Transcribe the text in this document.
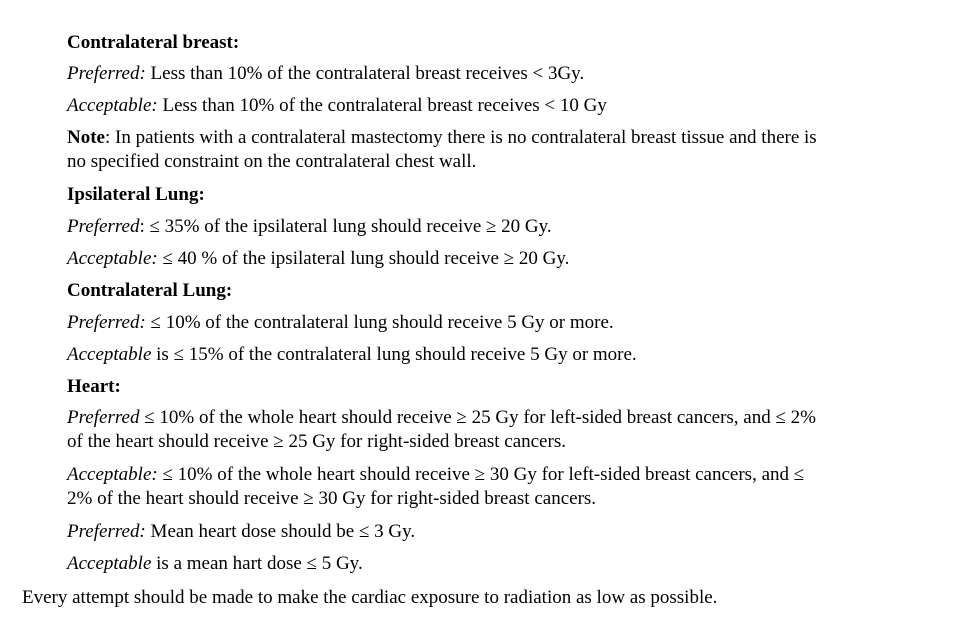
Contralateral breast:
Preferred: Less than 10% of the contralateral breast receives < 3Gy.
Acceptable: Less than 10% of the contralateral breast receives < 10 Gy
Note: In patients with a contralateral mastectomy there is no contralateral breast tissue and there is
no specified constraint on the contralateral chest wall.
Ipsilateral Lung:
Preferred: ≤ 35% of the ipsilateral lung should receive ≥ 20 Gy.
Acceptable: ≤ 40 % of the ipsilateral lung should receive ≥ 20 Gy.
Contralateral Lung:
Preferred: ≤ 10% of the contralateral lung should receive 5 Gy or more.
Acceptable is ≤ 15% of the contralateral lung should receive 5 Gy or more.
Heart:
Preferred ≤ 10% of the whole heart should receive ≥ 25 Gy for left-sided breast cancers, and ≤ 2%
of the heart should receive ≥ 25 Gy for right-sided breast cancers.
Acceptable: ≤ 10% of the whole heart should receive ≥ 30 Gy for left-sided breast cancers, and ≤
2% of the heart should receive ≥ 30 Gy for right-sided breast cancers.
Preferred: Mean heart dose should be ≤ 3 Gy.
Acceptable is a mean hart dose ≤ 5 Gy.
Every attempt should be made to make the cardiac exposure to radiation as low as possible.
